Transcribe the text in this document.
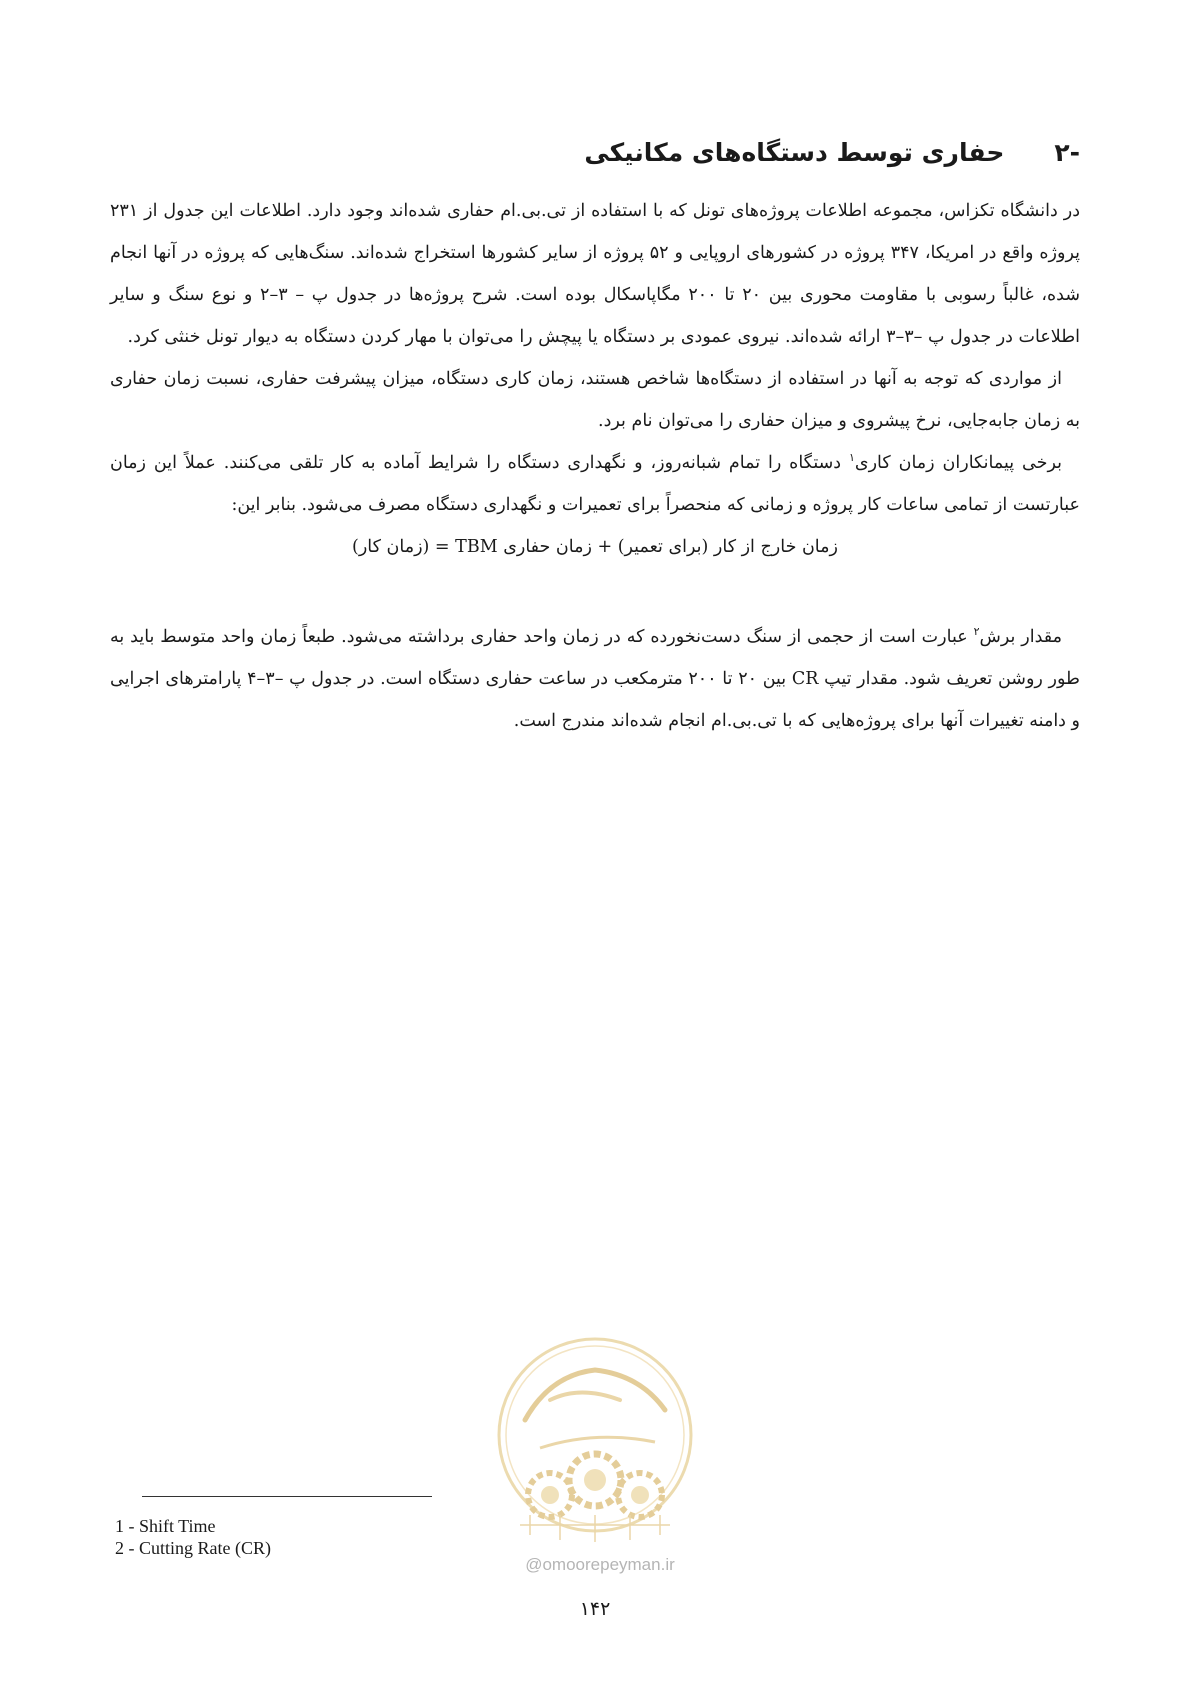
-۲حفاری توسط دستگاه‌های مکانیکی

در دانشگاه تکزاس، مجموعه اطلاعات پروژه‌های تونل که با استفاده از تی.بی.ام حفاری شده‌اند وجود دارد. اطلاعات این جدول از ۲۳۱ پروژه واقع در امریکا، ۳۴۷ پروژه در کشورهای اروپایی و ۵۲ پروژه از سایر کشورها استخراج شده‌اند. سنگ‌هایی که پروژه در آنها انجام شده، غالباً رسوبی با مقاومت محوری بین ۲۰ تا ۲۰۰ مگاپاسکال بوده است. شرح پروژه‌ها در جدول پ – ۳–۲ و نوع سنگ و سایر اطلاعات در جدول پ –۳–۳ ارائه شده‌اند. نیروی عمودی بر دستگاه یا پیچش را می‌توان با مهار کردن دستگاه به دیوار تونل خنثی کرد.

از مواردی که توجه به آنها در استفاده از دستگاه‌ها شاخص هستند، زمان کاری دستگاه، میزان پیشرفت حفاری، نسبت زمان حفاری به زمان جابه‌جایی، نرخ پیشروی و میزان حفاری را می‌توان نام برد.

برخی پیمانکاران زمان کاری$^۱$ دستگاه را تمام شبانه‌روز، و نگهداری دستگاه را شرایط آماده به کار تلقی می‌کنند. عملاً این زمان عبارتست از تمامی ساعات کار پروژه و زمانی که منحصراً برای تعمیرات و نگهداری دستگاه مصرف می‌شود. بنابر این:

زمان خارج از کار (برای تعمیر) + زمان حفاری TBM = (زمان کار)

مقدار برش$^۲$ عبارت است از حجمی از سنگ دست‌نخورده که در زمان واحد حفاری برداشته می‌شود. طبعاً زمان واحد متوسط باید به طور روشن تعریف شود. مقدار تیپ CR بین ۲۰ تا ۲۰۰ مترمکعب در ساعت حفاری دستگاه است. در جدول پ –۳–۴ پارامترهای اجرایی و دامنه تغییرات آنها برای پروژه‌هایی که با تی.بی.ام انجام شده‌اند مندرج است.

@omoorepeyman.ir
1 - Shift Time
2 - Cutting Rate (CR)
۱۴۲
